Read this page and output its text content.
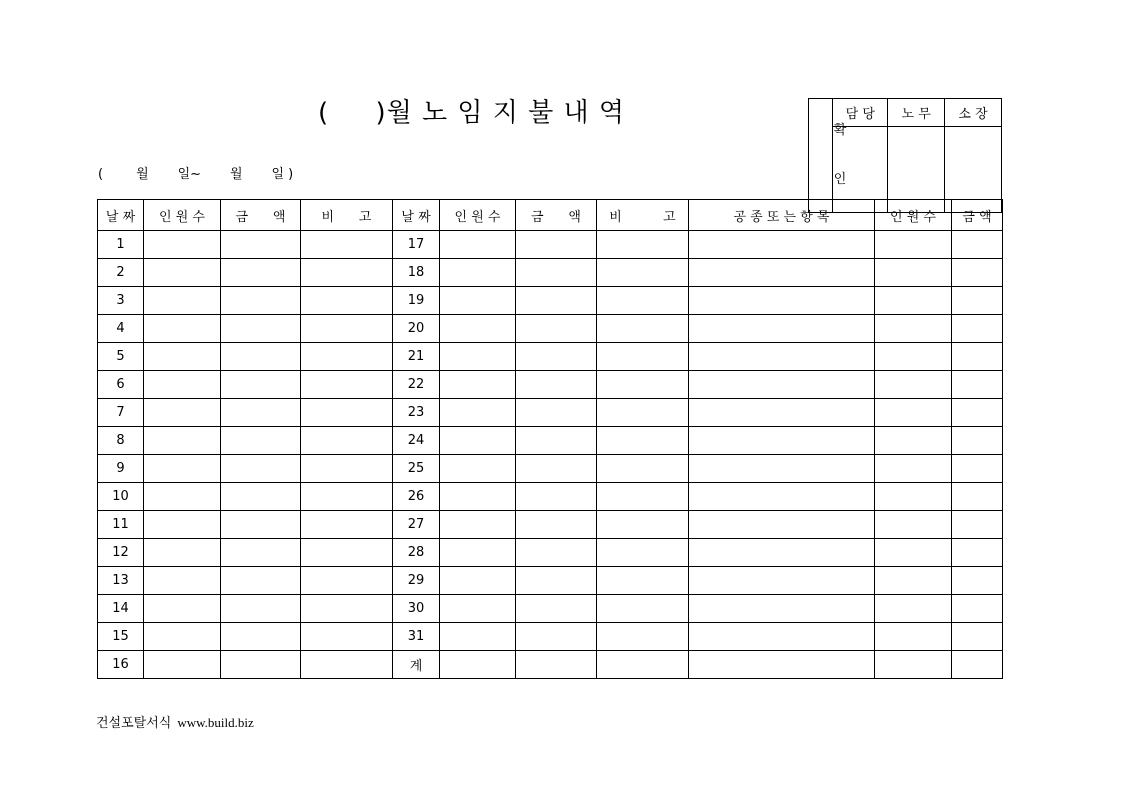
(     )월 노 임 지 불 내 역
(        월       일~       월       일 )

확

인	담 당	노 무	소 장

날 짜	인 원 수	금      액	비      고	날 짜	인 원 수	금      액	비          고	공 종 또 는 항 목	인 원 수	금 액
1				17						
2				18						
3				19						
4				20						
5				21						
6				22						
7				23						
8				24						
9				25						
10				26						
11				27						
12				28						
13				29						
14				30						
15				31						
16				계						
건설포탈서식 www.build.biz
